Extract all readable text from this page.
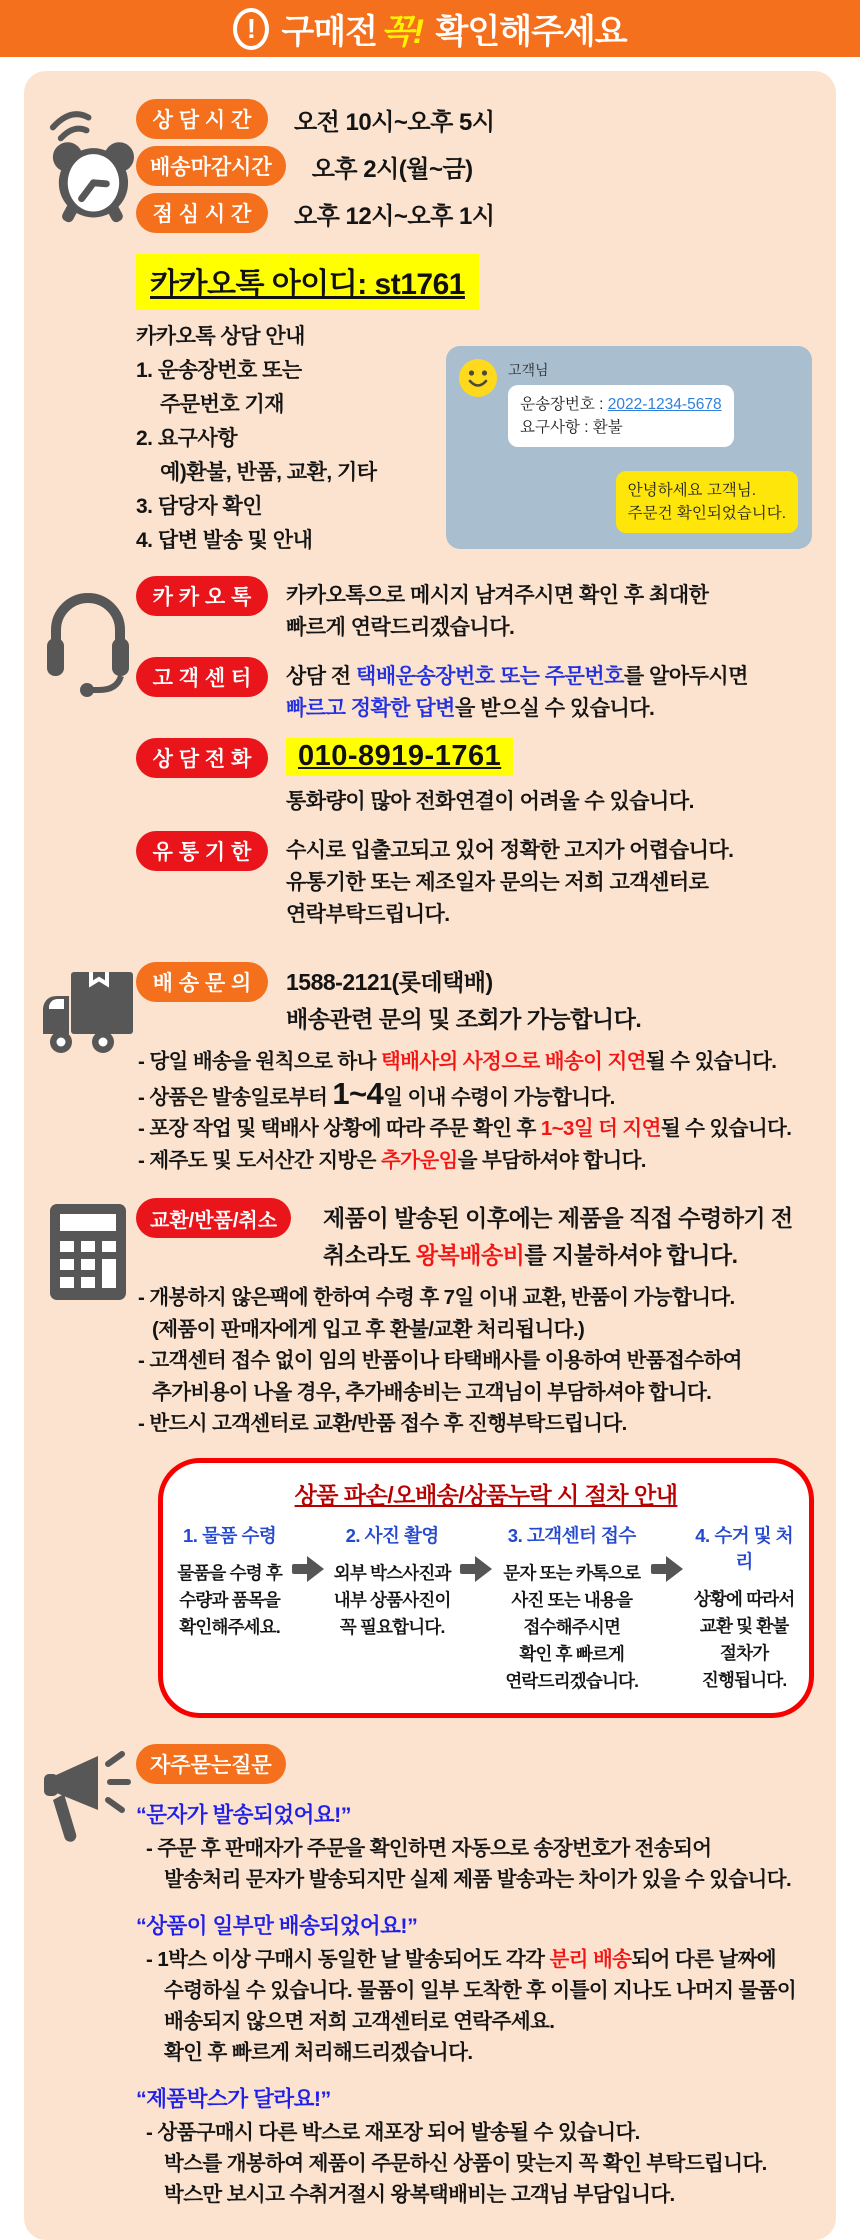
! 구매전 꼭! 확인해주세요
상 담 시 간	오전 10시~오후 5시
배송마감시간	오후 2시(월~금)
점 심 시 간	오후 12시~오후 1시
카카오톡 아이디: st1761
카카오톡 상담 안내
1. 운송장번호 또는
주문번호 기재
2. 요구사항
예)환불, 반품, 교환, 기타
3. 담당자 확인
4. 답변 발송 및 안내
고객님
운송장번호 : 2022-1234-5678
요구사항 : 환불
안녕하세요 고객님.
주문건 확인되었습니다.
카 카 오 톡	카카오톡으로 메시지 남겨주시면 확인 후 최대한
빠르게 연락드리겠습니다.
고 객 센 터	상담 전 택배운송장번호 또는 주문번호를 알아두시면
빠르고 정확한 답변을 받으실 수 있습니다.
상 담 전 화	010-8919-1761
통화량이 많아 전화연결이 어려울 수 있습니다.
유 통 기 한	수시로 입출고되고 있어 정확한 고지가 어렵습니다.
유통기한 또는 제조일자 문의는 저희 고객센터로
연락부탁드립니다.
배 송 문 의	1588-2121(롯데택배)
배송관련 문의 및 조회가 가능합니다.
- 당일 배송을 원칙으로 하나 택배사의 사정으로 배송이 지연될 수 있습니다.
- 상품은 발송일로부터 1~4일 이내 수령이 가능합니다.
- 포장 작업 및 택배사 상황에 따라 주문 확인 후 1~3일 더 지연될 수 있습니다.
- 제주도 및 도서산간 지방은 추가운임을 부담하셔야 합니다.
교환/반품/취소	제품이 발송된 이후에는 제품을 직접 수령하기 전
취소라도 왕복배송비를 지불하셔야 합니다.
- 개봉하지 않은팩에 한하여 수령 후 7일 이내 교환, 반품이 가능합니다.
(제품이 판매자에게 입고 후 환불/교환 처리됩니다.)
- 고객센터 접수 없이 임의 반품이나 타택배사를 이용하여 반품접수하여
추가비용이 나올 경우, 추가배송비는 고객님이 부담하셔야 합니다.
- 반드시 고객센터로 교환/반품 접수 후 진행부탁드립니다.
상품 파손/오배송/상품누락 시 절차 안내
1. 물품 수령
물품을 수령 후
수량과 품목을
확인해주세요.
2. 사진 촬영
외부 박스사진과
내부 상품사진이
꼭 필요합니다.
3. 고객센터 접수
문자 또는 카톡으로
사진 또는 내용을
접수해주시면
확인 후 빠르게
연락드리겠습니다.
4. 수거 및 처리
상황에 따라서
교환 및 환불
절차가
진행됩니다.
자주묻는질문
“문자가 발송되었어요!”
- 주문 후 판매자가 주문을 확인하면 자동으로 송장번호가 전송되어
발송처리 문자가 발송되지만 실제 제품 발송과는 차이가 있을 수 있습니다.
“상품이 일부만 배송되었어요!”
- 1박스 이상 구매시 동일한 날 발송되어도 각각 분리 배송되어 다른 날짜에
수령하실 수 있습니다. 물품이 일부 도착한 후 이틀이 지나도 나머지 물품이
배송되지 않으면 저희 고객센터로 연락주세요.
확인 후 빠르게 처리해드리겠습니다.
“제품박스가 달라요!”
- 상품구매시 다른 박스로 재포장 되어 발송될 수 있습니다.
박스를 개봉하여 제품이 주문하신 상품이 맞는지 꼭 확인 부탁드립니다.
박스만 보시고 수취거절시 왕복택배비는 고객님 부담입니다.
